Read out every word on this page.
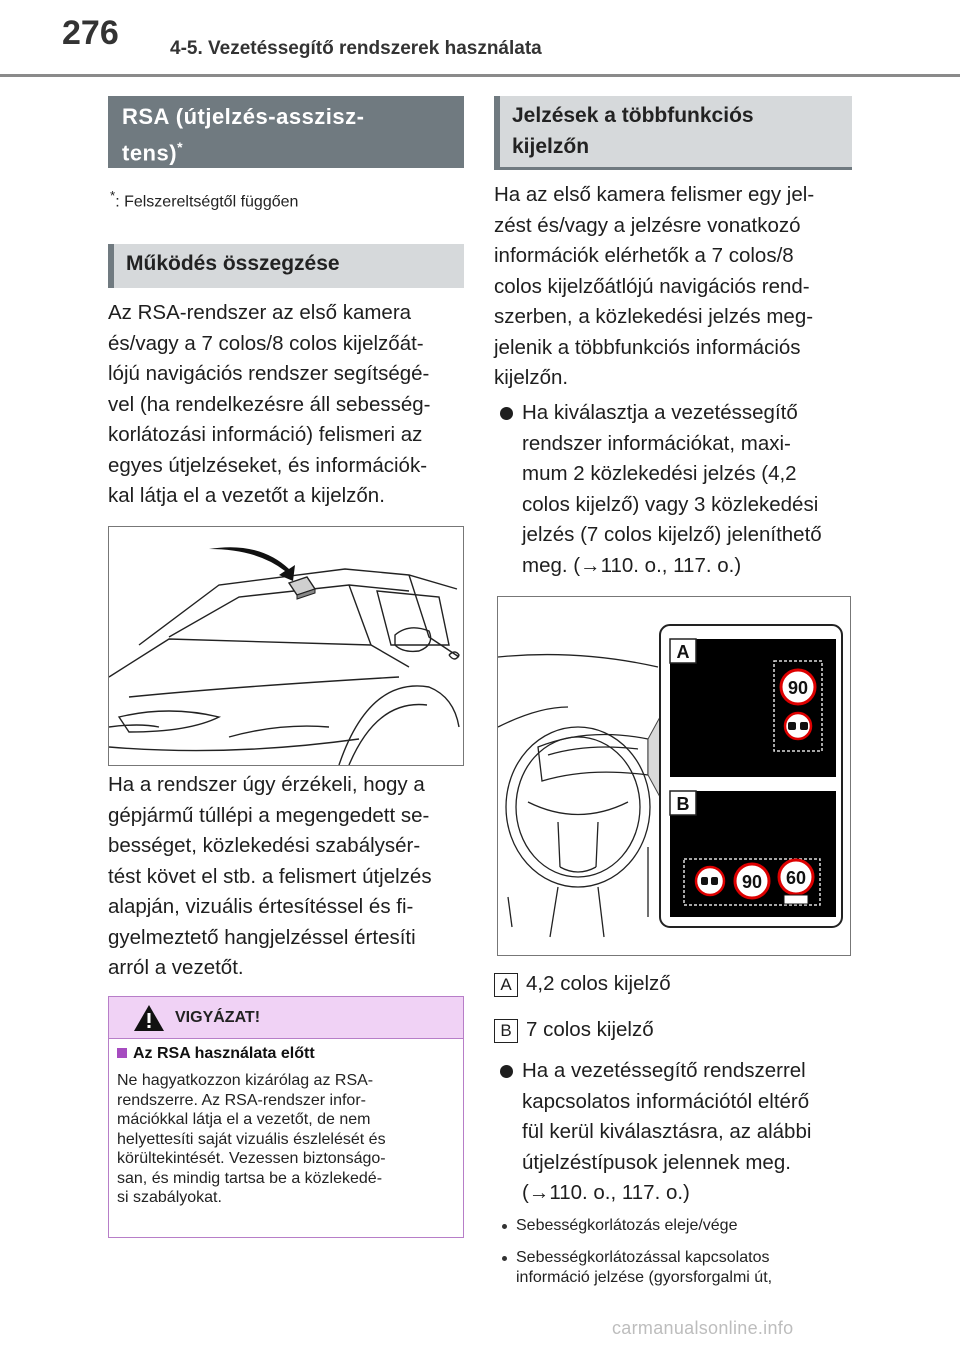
276	4-5. Vezetéssegítő rendszerek használata
RSA (útjelzés-asszisz-
tens)*
*: Felszereltségtől függően
Működés összegzése
Az RSA-rendszer az első kamera
és/vagy a 7 colos/8 colos kijelzőát-
lójú navigációs rendszer segítségé-
vel (ha rendelkezésre áll sebesség-
korlátozási információ) felismeri az
egyes útjelzéseket, és információk-
kal látja el a vezetőt a kijelzőn.
Ha a rendszer úgy érzékeli, hogy a
gépjármű túllépi a megengedett se-
bességet, közlekedési szabálysér-
tést követ el stb. a felismert útjelzés
alapján, vizuális értesítéssel és fi-
gyelmeztető hangjelzéssel értesíti
arról a vezetőt.
VIGYÁZAT!
Az RSA használata előtt
Ne hagyatkozzon kizárólag az RSA-
rendszerre. Az RSA-rendszer infor-
mációkkal látja el a vezetőt, de nem
helyettesíti saját vizuális észlelését és
körültekintését. Vezessen biztonságo-
san, és mindig tartsa be a közlekedé-
si szabályokat.
Jelzések a többfunkciós
kijelzőn
Ha az első kamera felismer egy jel-
zést és/vagy a jelzésre vonatkozó
információk elérhetők a 7 colos/8
colos kijelzőátlójú navigációs rend-
szerben, a közlekedési jelzés meg-
jelenik a többfunkciós információs
kijelzőn.
Ha kiválasztja a vezetéssegítő
rendszer információkat, maxi-
mum 2 közlekedési jelzés (4,2
colos kijelző) vagy 3 közlekedési
jelzés (7 colos kijelző) jeleníthető
meg. (→110. o., 117. o.)
A
90
B
90 60
A 4,2 colos kijelző
B 7 colos kijelző
Ha a vezetéssegítő rendszerrel
kapcsolatos információtól eltérő
fül kerül kiválasztásra, az alábbi
útjelzéstípusok jelennek meg.
(→110. o., 117. o.)
Sebességkorlátozás eleje/vége
Sebességkorlátozással kapcsolatos
információ jelzése (gyorsforgalmi út,
carmanualsonline.info
